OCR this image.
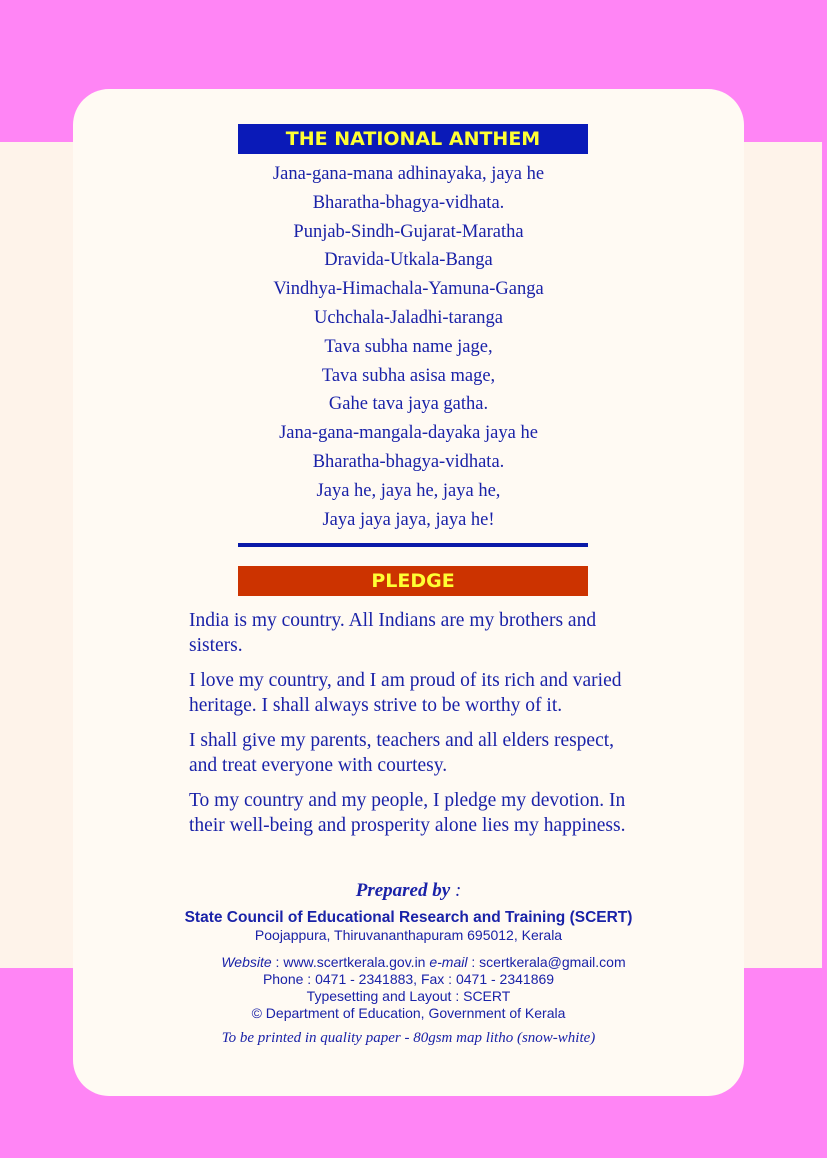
THE NATIONAL ANTHEM
Jana-gana-mana adhinayaka, jaya he
Bharatha-bhagya-vidhata.
Punjab-Sindh-Gujarat-Maratha
Dravida-Utkala-Banga
Vindhya-Himachala-Yamuna-Ganga
Uchchala-Jaladhi-taranga
Tava subha name jage,
Tava subha asisa mage,
Gahe tava jaya gatha.
Jana-gana-mangala-dayaka jaya he
Bharatha-bhagya-vidhata.
Jaya he, jaya he, jaya he,
Jaya jaya jaya, jaya he!
PLEDGE

India is my country. All Indians are my brothers and sisters.

I love my country, and I am proud of its rich and varied heritage. I shall always strive to be worthy of it.

I shall give my parents, teachers and all elders respect, and treat everyone with courtesy.

To my country and my people, I pledge my devotion. In their well-being and prosperity alone lies my happiness.

Prepared by :
State Council of Educational Research and Training (SCERT)
Poojappura, Thiruvananthapuram 695012, Kerala
Website : www.scertkerala.gov.in e-mail : scertkerala@gmail.com
Phone : 0471 - 2341883, Fax : 0471 - 2341869
Typesetting and Layout : SCERT
© Department of Education, Government of Kerala
To be printed in quality paper - 80gsm map litho (snow-white)
